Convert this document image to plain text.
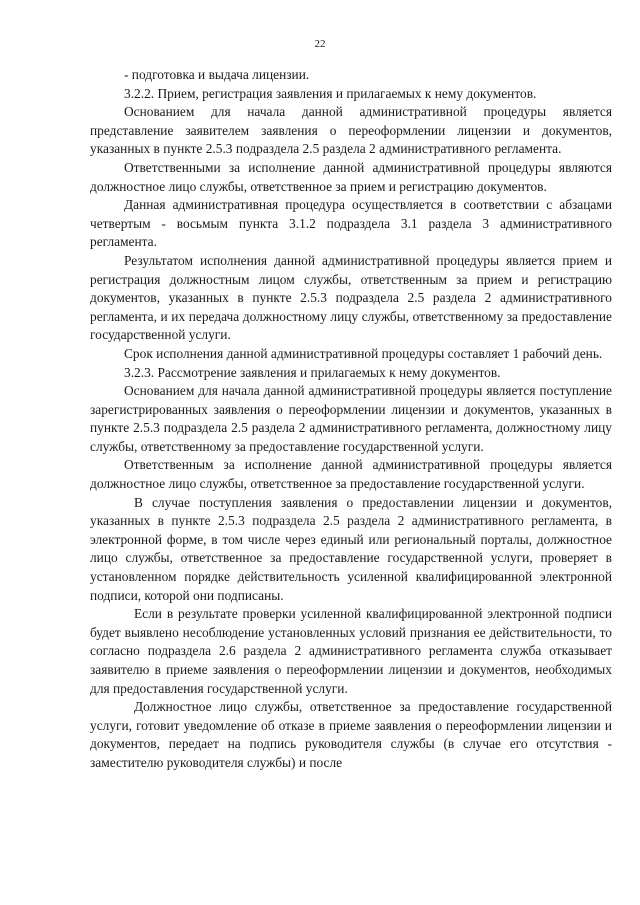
22

- подготовка и выдача лицензии.

3.2.2. Прием, регистрация заявления и прилагаемых к нему документов.

Основанием для начала данной административной процедуры является представление заявителем заявления о переоформлении лицензии и документов, указанных в пункте 2.5.3 подраздела 2.5 раздела 2 административного регламента.

Ответственными за исполнение данной административной процедуры являются должностное лицо службы, ответственное за прием и регистрацию документов.

Данная административная процедура осуществляется в соответствии с абзацами четвертым - восьмым пункта 3.1.2 подраздела 3.1 раздела 3 административного регламента.

Результатом исполнения данной административной процедуры является прием и регистрация должностным лицом службы, ответственным за прием и регистрацию документов, указанных в пункте 2.5.3 подраздела 2.5 раздела 2 административного регламента, и их передача должностному лицу службы, ответственному за предоставление государственной услуги.

Срок исполнения данной административной процедуры составляет 1 рабочий день.

3.2.3. Рассмотрение заявления и прилагаемых к нему документов.

Основанием для начала данной административной процедуры является поступление зарегистрированных заявления о переоформлении лицензии и документов, указанных в пункте 2.5.3 подраздела 2.5 раздела 2 административного регламента, должностному лицу службы, ответственному за предоставление государственной услуги.

Ответственным за исполнение данной административной процедуры является должностное лицо службы, ответственное за предоставление государственной услуги.

В случае поступления заявления о предоставлении лицензии и документов, указанных в пункте 2.5.3 подраздела 2.5 раздела 2 административного регламента, в электронной форме, в том числе через единый или региональный порталы, должностное лицо службы, ответственное за предоставление государственной услуги, проверяет в установленном порядке действительность усиленной квалифицированной электронной подписи, которой они подписаны.

Если в результате проверки усиленной квалифицированной электронной подписи будет выявлено несоблюдение установленных условий признания ее действительности, то согласно подраздела 2.6 раздела 2 административного регламента служба отказывает заявителю в приеме заявления о переоформлении лицензии и документов, необходимых для предоставления государственной услуги.

Должностное лицо службы, ответственное за предоставление государственной услуги, готовит уведомление об отказе в приеме заявления о переоформлении лицензии и документов, передает на подпись руководителя службы (в случае его отсутствия - заместителю руководителя службы) и после
